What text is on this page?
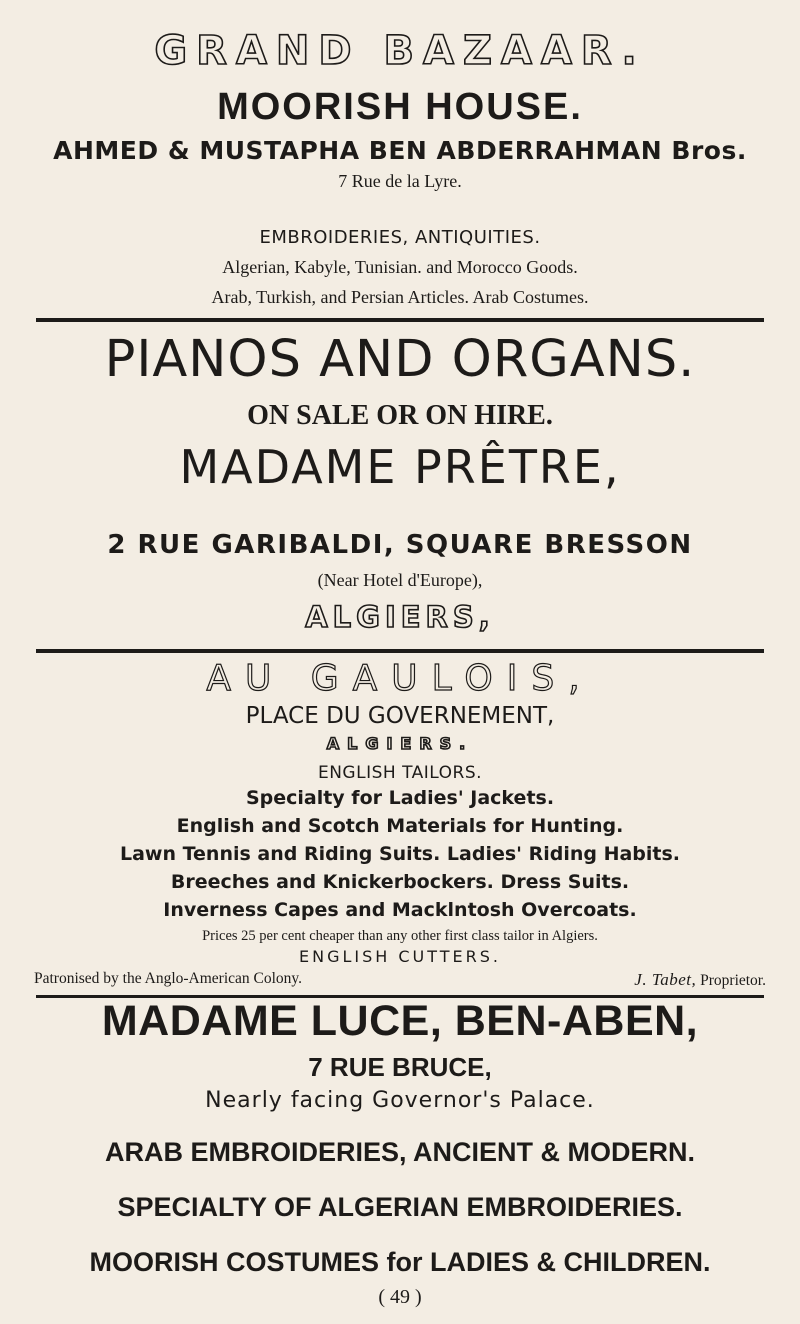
GRAND BAZAAR.
MOORISH HOUSE.
AHMED & MUSTAPHA BEN ABDERRAHMAN Bros.
7 Rue de la Lyre.
EMBROIDERIES, ANTIQUITIES.
Algerian, Kabyle, Tunisian. and Morocco Goods.
Arab, Turkish, and Persian Articles. Arab Costumes.
PIANOS AND ORGANS.
ON SALE OR ON HIRE.
MADAME PRÊTRE,
2 RUE GARIBALDI, SQUARE BRESSON
(Near Hotel d'Europe),
ALGIERS,
AU GAULOIS,
PLACE DU GOVERNEMENT,
ALGIERS.
ENGLISH TAILORS.
Specialty for Ladies' Jackets.
English and Scotch Materials for Hunting.
Lawn Tennis and Riding Suits. Ladies' Riding Habits.
Breeches and Knickerbockers. Dress Suits.
Inverness Capes and Macklntosh Overcoats.
Prices 25 per cent cheaper than any other first class tailor in Algiers.
ENGLISH CUTTERS.
Patronised by the Anglo-American Colony.	J. Tabet, Proprietor.
MADAME LUCE, BEN-ABEN,
7 RUE BRUCE,
Nearly facing Governor's Palace.
ARAB EMBROIDERIES, ANCIENT & MODERN.
SPECIALTY OF ALGERIAN EMBROIDERIES.
MOORISH COSTUMES for LADIES & CHILDREN.
( 49 )
